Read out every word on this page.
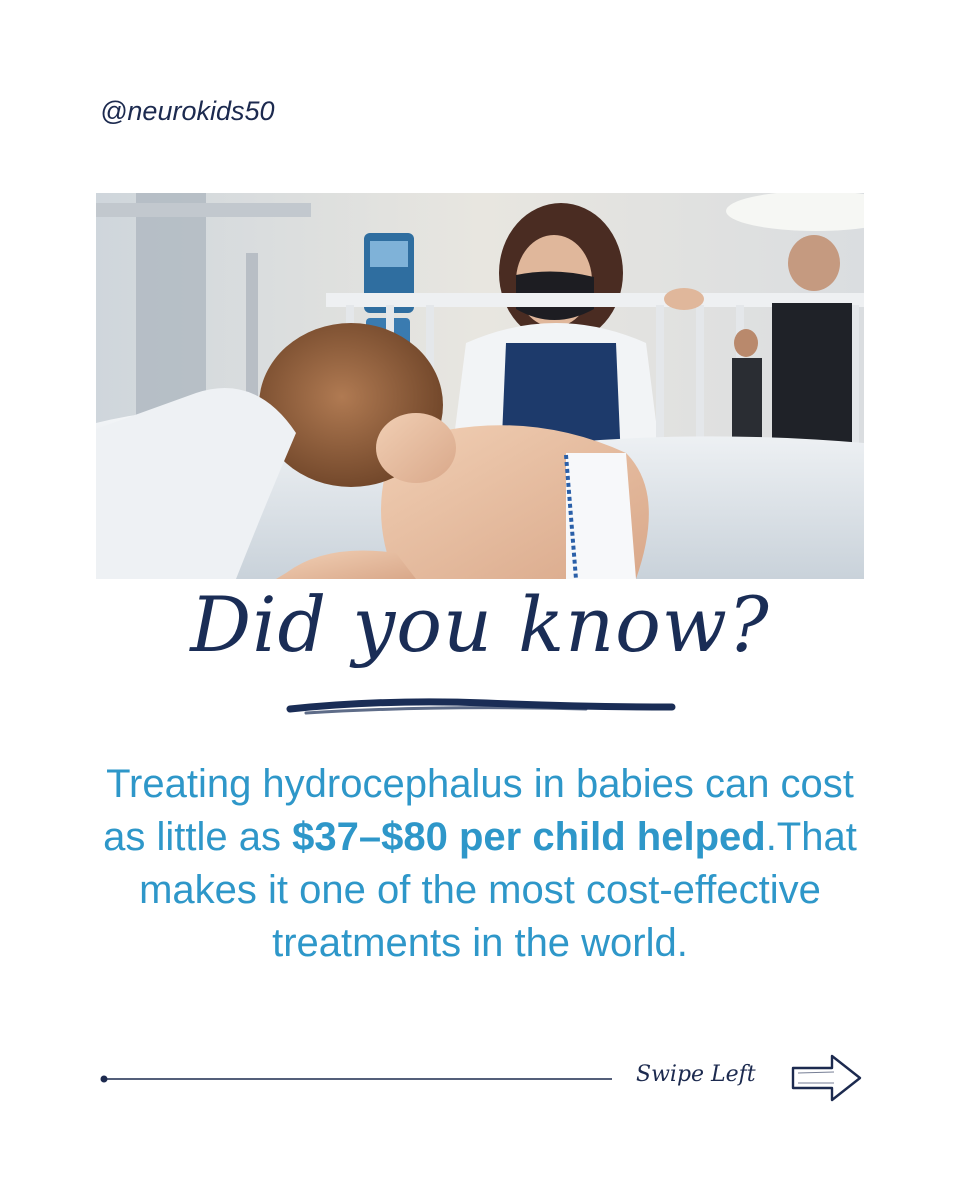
@neurokids50
Did you know?
Treating hydrocephalus in babies can cost as little as $37–$80 per child helped.That makes it one of the most cost-effective treatments in the world.
Swipe Left
